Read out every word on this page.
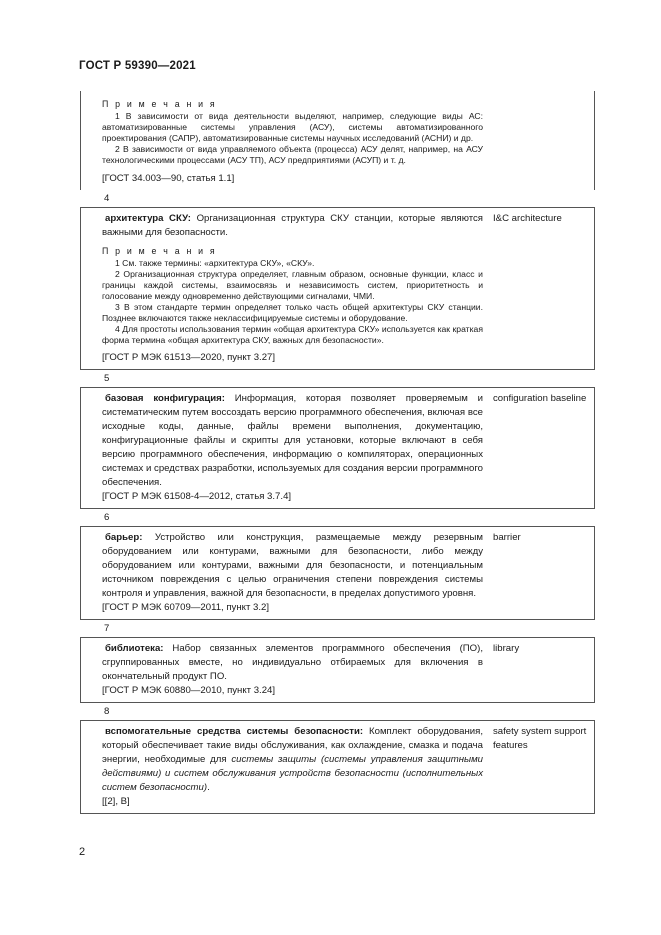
ГОСТ Р 59390—2021

П р и м е ч а н и я

1 В зависимости от вида деятельности выделяют, например, следующие виды АС: автоматизированные системы управления (АСУ), системы автоматизированного проектирования (САПР), автоматизированные системы научных исследований (АСНИ) и др.

2 В зависимости от вида управляемого объекта (процесса) АСУ делят, например, на АСУ технологическими процессами (АСУ ТП), АСУ предприятиями (АСУП) и т. д.

[ГОСТ 34.003—90, статья 1.1]

4

архитектура СКУ: Организационная структура СКУ станции, которые являются важными для безопасности.

П р и м е ч а н и я

1 См. также термины: «архитектура СКУ», «СКУ».

2 Организационная структура определяет, главным образом, основные функции, класс и границы каждой системы, взаимосвязь и независимость систем, приоритетность и голосование между одновременно действующими сигналами, ЧМИ.

3 В этом стандарте термин определяет только часть общей архитектуры СКУ станции. Позднее включаются также неклассифицируемые системы и оборудование.

4 Для простоты использования термин «общая архитектура СКУ» используется как краткая форма термина «общая архитектура СКУ, важных для безопасности».

[ГОСТ Р МЭК 61513—2020, пункт 3.27]

I&C architecture
5

базовая конфигурация: Информация, которая позволяет проверяемым и систематическим путем воссоздать версию программного обеспечения, включая все исходные коды, данные, файлы времени выполнения, документацию, конфигурационные файлы и скрипты для установки, которые включают в себя версию программного обеспечения, информацию о компиляторах, операционных системах и средствах разработки, используемых для создания версии программного обеспечения.

[ГОСТ Р МЭК 61508-4—2012, статья 3.7.4]

configuration baseline
6

барьер: Устройство или конструкция, размещаемые между резервным оборудованием или контурами, важными для безопасности, либо между оборудованием или контурами, важными для безопасности, и потенциальным источником повреждения с целью ограничения степени повреждения системы контроля и управления, важной для безопасности, в пределах допустимого уровня.

[ГОСТ Р МЭК 60709—2011, пункт 3.2]

barrier
7

библиотека: Набор связанных элементов программного обеспечения (ПО), сгруппированных вместе, но индивидуально отбираемых для включения в окончательный продукт ПО.

[ГОСТ Р МЭК 60880—2010, пункт 3.24]

library
8

вспомогательные средства системы безопасности: Комплект оборудования, который обеспечивает такие виды обслуживания, как охлаждение, смазка и подача энергии, необходимые для системы защиты (системы управления защитными действиями) и систем обслуживания устройств безопасности (исполнительных систем безопасности).

[[2], В]

safety system support features
2
